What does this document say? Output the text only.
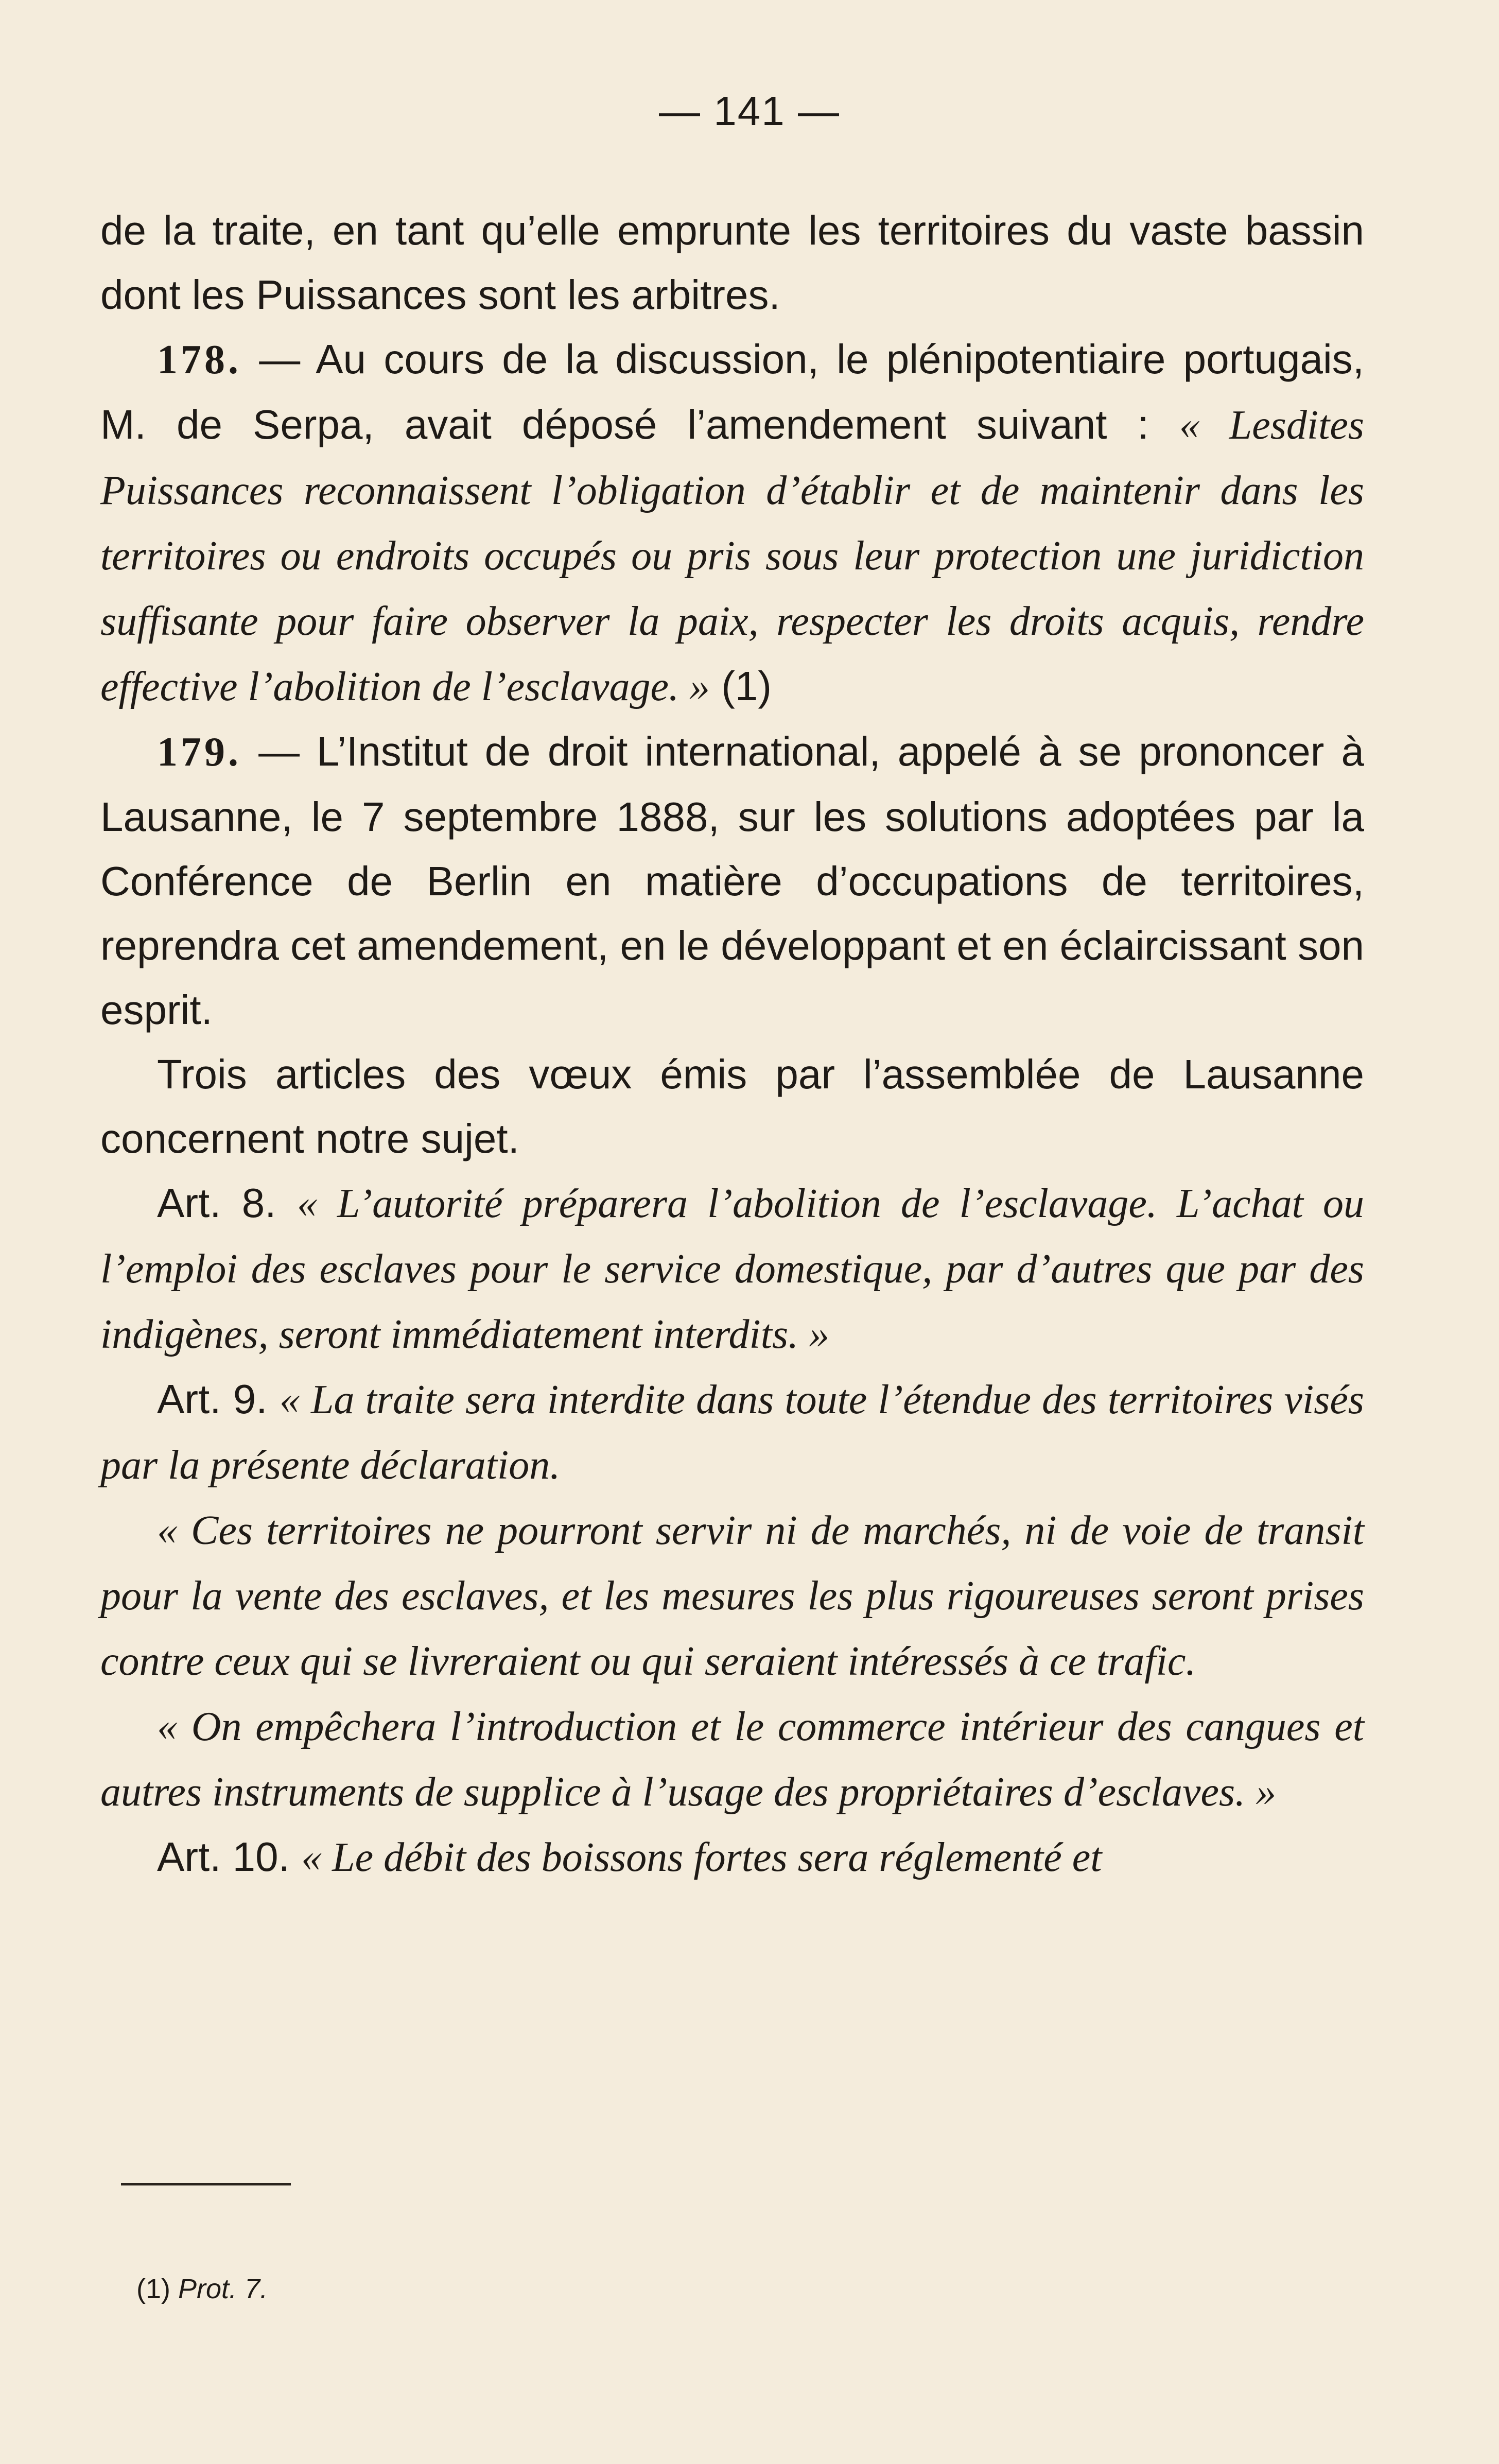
— 141 —

de la traite, en tant qu’elle emprunte les territoires du vaste bassin dont les Puissances sont les arbitres.

178. — Au cours de la discussion, le plénipotentiaire portugais, M. de Serpa, avait déposé l’amendement suivant : « Lesdites Puissances reconnaissent l’obligation d’établir et de maintenir dans les territoires ou endroits occupés ou pris sous leur protection une juridiction suffisante pour faire observer la paix, respecter les droits acquis, rendre effective l’abolition de l’esclavage. » (1)

179. — L’Institut de droit international, appelé à se prononcer à Lausanne, le 7 septembre 1888, sur les solutions adoptées par la Conférence de Berlin en matière d’occupations de territoires, reprendra cet amendement, en le développant et en éclaircissant son esprit.

Trois articles des vœux émis par l’assemblée de Lausanne concernent notre sujet.

Art. 8. « L’autorité préparera l’abolition de l’esclavage. L’achat ou l’emploi des esclaves pour le service domestique, par d’autres que par des indigènes, seront immédiatement interdits. »

Art. 9. « La traite sera interdite dans toute l’étendue des territoires visés par la présente déclaration.

« Ces territoires ne pourront servir ni de marchés, ni de voie de transit pour la vente des esclaves, et les mesures les plus rigoureuses seront prises contre ceux qui se livreraient ou qui seraient intéressés à ce trafic.

« On empêchera l’introduction et le commerce intérieur des cangues et autres instruments de supplice à l’usage des propriétaires d’esclaves. »

Art. 10. « Le débit des boissons fortes sera réglementé et

(1) Prot. 7.
